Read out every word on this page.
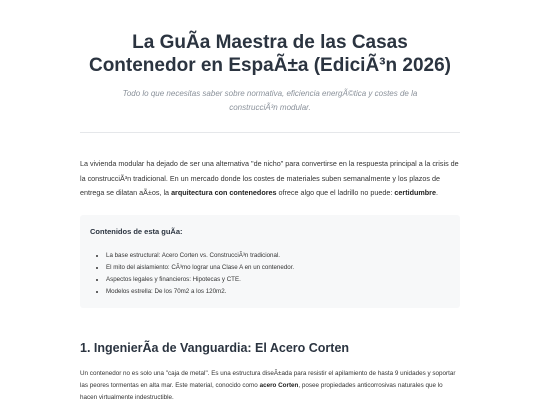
La GuÃa Maestra de las Casas Contenedor en EspaÃ±a (EdiciÃ³n 2026)
Todo lo que necesitas saber sobre normativa, eficiencia energÃ©tica y costes de la construcciÃ³n modular.

La vivienda modular ha dejado de ser una alternativa "de nicho" para convertirse en la respuesta principal a la crisis de la construcciÃ³n tradicional. En un mercado donde los costes de materiales suben semanalmente y los plazos de entrega se dilatan aÃ±os, la arquitectura con contenedores ofrece algo que el ladrillo no puede: certidumbre.

Contenidos de esta guÃa:
• La base estructural: Acero Corten vs. ConstrucciÃ³n tradicional.
• El mito del aislamiento: CÃ³mo lograr una Clase A en un contenedor.
• Aspectos legales y financieros: Hipotecas y CTE.
• Modelos estrella: De los 70m2 a los 120m2.
1. IngenierÃa de Vanguardia: El Acero Corten

Un contenedor no es solo una "caja de metal". Es una estructura diseÃ±ada para resistir el apilamiento de hasta 9 unidades y soportar las peores tormentas en alta mar. Este material, conocido como acero Corten, posee propiedades anticorrosivas naturales que lo hacen virtualmente indestructible.
